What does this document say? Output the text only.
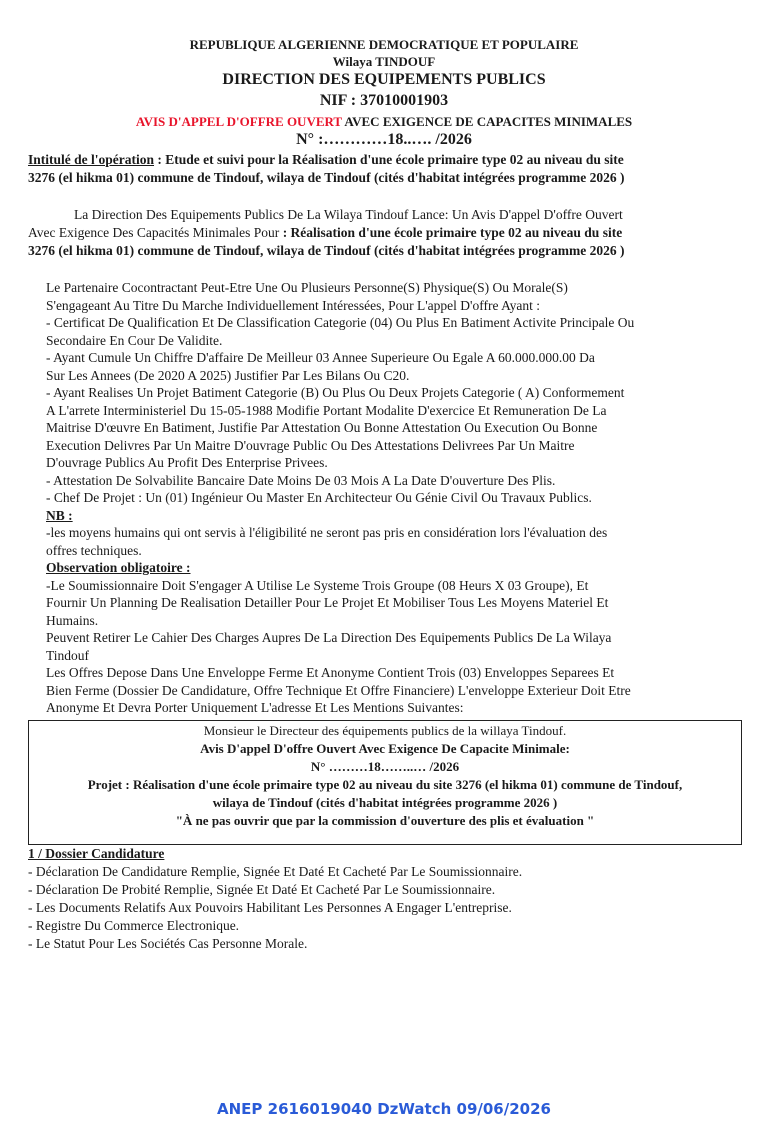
REPUBLIQUE ALGERIENNE DEMOCRATIQUE ET POPULAIRE
Wilaya TINDOUF
DIRECTION DES EQUIPEMENTS PUBLICS
NIF : 37010001903
AVIS D'APPEL D'OFFRE OUVERT AVEC EXIGENCE DE CAPACITES MINIMALES
N° :…………18..…. /2026
Intitulé de l'opération : Etude et suivi pour la Réalisation d'une école primaire type 02 au niveau du site
3276 (el hikma 01) commune de Tindouf, wilaya de Tindouf (cités d'habitat intégrées programme 2026 )
La Direction Des Equipements Publics De La Wilaya Tindouf Lance: Un Avis D'appel D'offre Ouvert
Avec Exigence Des Capacités Minimales Pour : Réalisation d'une école primaire type 02 au niveau du site
3276 (el hikma 01) commune de Tindouf, wilaya de Tindouf (cités d'habitat intégrées programme 2026 )
Le Partenaire Cocontractant Peut-Etre Une Ou Plusieurs Personne(S) Physique(S) Ou Morale(S)
S'engageant Au Titre Du Marche Individuellement Intéressées, Pour L'appel D'offre Ayant :
- Certificat De Qualification Et De Classification Categorie (04) Ou Plus En Batiment Activite Principale Ou
Secondaire En Cour De Validite.
- Ayant Cumule Un Chiffre D'affaire De Meilleur 03 Annee Superieure Ou Egale A 60.000.000.00 Da
Sur Les Annees (De 2020 A 2025) Justifier Par Les Bilans Ou C20.
- Ayant Realises Un Projet Batiment Categorie (B) Ou Plus Ou Deux Projets Categorie ( A) Conformement
A L'arrete Interministeriel Du 15-05-1988 Modifie Portant Modalite D'exercice Et Remuneration De La
Maitrise D'œuvre En Batiment, Justifie Par Attestation Ou Bonne Attestation Ou Execution Ou Bonne
Execution Delivres Par Un Maitre D'ouvrage Public Ou Des Attestations Delivrees Par Un Maitre
D'ouvrage Publics Au Profit Des Enterprise Privees.
- Attestation De Solvabilite Bancaire Date Moins De 03 Mois A La Date D'ouverture Des Plis.
- Chef De Projet : Un (01) Ingénieur Ou Master En Architecteur Ou Génie Civil Ou Travaux Publics.
NB :
-les moyens humains qui ont servis à l'éligibilité ne seront pas pris en considération lors l'évaluation des
offres techniques.
Observation obligatoire :
-Le Soumissionnaire Doit S'engager A Utilise Le Systeme Trois Groupe (08 Heurs X 03 Groupe), Et
Fournir Un Planning De Realisation Detailler Pour Le Projet Et Mobiliser Tous Les Moyens Materiel Et
Humains.
Peuvent Retirer Le Cahier Des Charges Aupres De La Direction Des Equipements Publics De La Wilaya
Tindouf
Les Offres Depose Dans Une Enveloppe Ferme Et Anonyme Contient Trois (03) Enveloppes Separees Et
Bien Ferme (Dossier De Candidature, Offre Technique Et Offre Financiere) L'enveloppe Exterieur Doit Etre
Anonyme Et Devra Porter Uniquement L'adresse Et Les Mentions Suivantes:
Monsieur le Directeur des équipements publics de la willaya Tindouf.
Avis D'appel D'offre Ouvert Avec Exigence De Capacite Minimale:
N° ………18……..… /2026
Projet : Réalisation d'une école primaire type 02 au niveau du site 3276 (el hikma 01) commune de Tindouf,
wilaya de Tindouf (cités d'habitat intégrées programme 2026 )
"À ne pas ouvrir que par la commission d'ouverture des plis et évaluation "
1 / Dossier Candidature
- Déclaration De Candidature Remplie, Signée Et Daté Et Cacheté Par Le Soumissionnaire.
- Déclaration De Probité Remplie, Signée Et Daté Et Cacheté Par Le Soumissionnaire.
- Les Documents Relatifs Aux Pouvoirs Habilitant Les Personnes A Engager L'entreprise.
- Registre Du Commerce Electronique.
- Le Statut Pour Les Sociétés Cas Personne Morale.
ANEP 2616019040 DzWatch 09/06/2026
